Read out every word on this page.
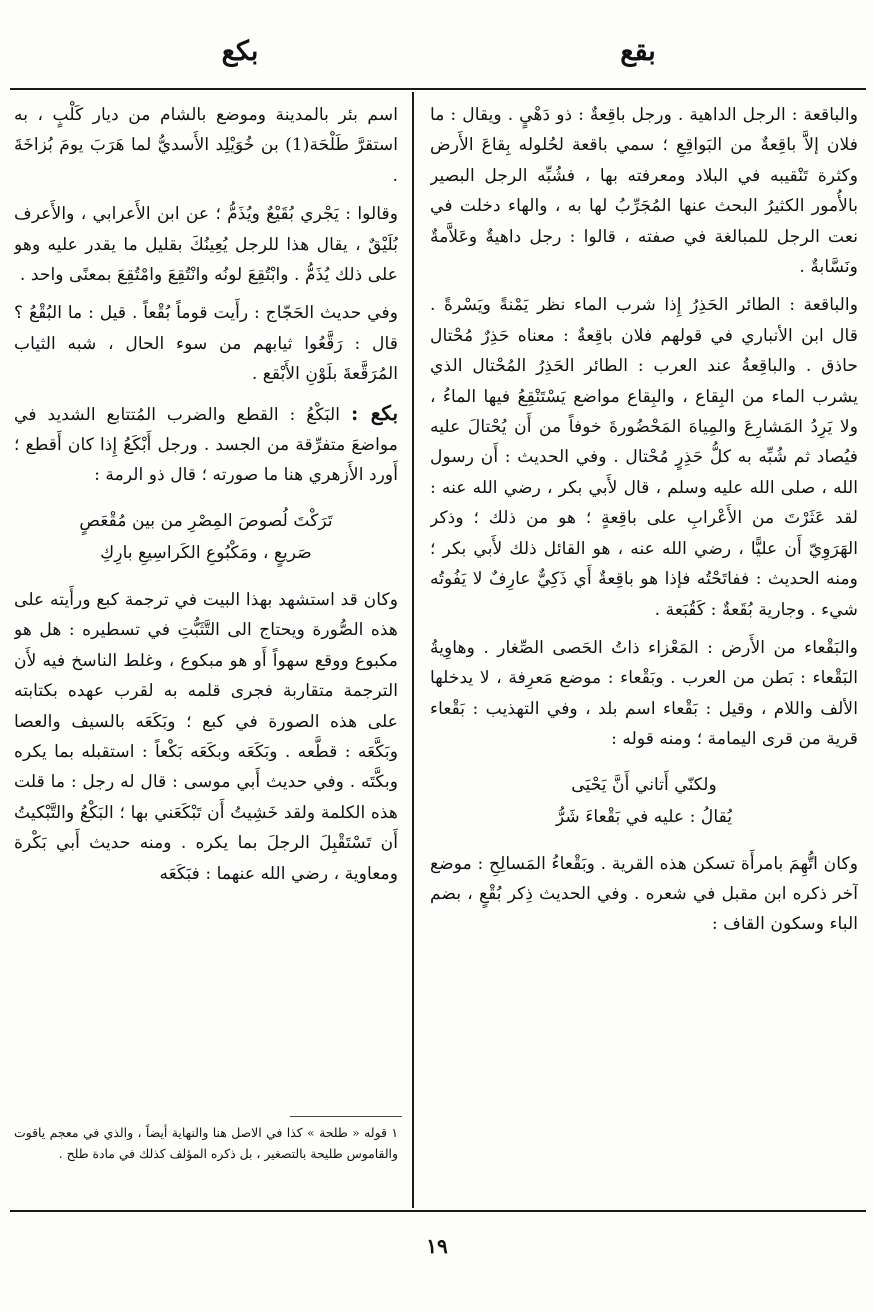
بقع
بكع

والباقعة : الرجل الداهية . ورجل باقِعةٌ : ذو دَهْيٍ . ويقال : ما فلان إلاَّ باقِعةٌ من البَواقِعِ ؛ سمي باقعة لحُلوله بِقاعَ الأَرض وكثرة تَنْقيبه في البلاد ومعرفته بها ، فشُبِّه الرجل البصير بالأُمور الكثيرُ البحث عنها المُجَرِّبُ لها به ، والهاء دخلت في نعت الرجل للمبالغة في صفته ، قالوا : رجل داهيةٌ وعَلاَّمةٌ ونَسَّابةٌ .

والباقعة : الطائر الحَذِرُ إِذا شرب الماء نظر يَمْنةً ويَسْرةً . قال ابن الأنباري في قولهم فلان باقِعةٌ : معناه حَذِرٌ مُحْتال حاذق . والباقِعةُ عند العرب : الطائر الحَذِرُ المُحْتال الذي يشرب الماء من البِقاع ، والبِقاع مواضع يَسْتَنْقِعُ فيها الماءُ ، ولا يَرِدُ المَشارِعَ والمِياهَ المَحْضُورةَ خوفاً من أَن يُحْتالَ عليه فيُصاد ثم شُبِّه به كلُّ حَذِرٍ مُحْتال . وفي الحديث : أَن رسول الله ، صلى الله عليه وسلم ، قال لأَبي بكر ، رضي الله عنه : لقد عَثَرْتَ من الأَعْرابِ على باقِعةٍ ؛ هو من ذلك ؛ وذكر الهَرَوِيّ أَن عليًّا ، رضي الله عنه ، هو القائل ذلك لأَبي بكر ؛ ومنه الحديث : ففاتَحْتُه فإذا هو باقِعةٌ أَي ذَكِيٌّ عارِفٌ لا يَفُوتُه شيء . وجارية بُقَعةٌ : كَقُبَعة .

والبَقْعاء من الأَرض : المَعْزاء ذاتُ الحَصى الصِّغار . وهاوِيةُ البَقْعاء : بَطن من العرب . وبَقْعاء : موضع مَعرِفة ، لا يدخلها الألف واللام ، وقيل : بَقْعاء اسم بلد ، وفي التهذيب : بَقْعاء قرية من قرى اليمامة ؛ ومنه قوله :

ولكنّي أَتاني أَنَّ يَحْيَى
يُقالُ : عليه في بَقْعاءَ شَرُّ

وكان اتُّهِمَ بامرأَة تسكن هذه القرية . وبَقْعاءُ المَسالِحِ : موضع آخر ذكره ابن مقبل في شعره . وفي الحديث ذِكر بُقْعٍ ، بضم الباء وسكون القاف :

اسم بئر بالمدينة وموضع بالشام من ديار كَلْبٍ ، به استقرَّ طَلْحَة(1) بن خُوَيْلِد الأَسديُّ لما هَرَبَ يومَ بُزاخَةَ .

وقالوا : يَجْري بُقَيْعٌ ويُذَمُّ ؛ عن ابن الأَعرابي ، والأَعرف بُلَيْقٌ ، يقال هذا للرجل يُعِينُكَ بقليل ما يقدر عليه وهو على ذلك يُذَمُّ . وابْتُقِعَ لونُه وانْتُقِعَ وامْتُقِعَ بمعنًى واحد .

وفي حديث الحَجّاج : رأَيت قوماً بُقْعاً . قيل : ما البُقْعُ ؟ قال : رَقَّعُوا ثيابهم من سوء الحال ، شبه الثياب المُرَقَّعةَ بلَوْنِ الأَبْقع .

بكع : البَكْعُ : القطع والضرب المُتتابع الشديد في مواضعَ متفرِّقة من الجسد . ورجل أَبْكَعُ إِذا كان أَقطع ؛ أَورد الأَزهري هنا ما صورته ؛ قال ذو الرمة :

تَرَكْتَ لُصوصَ المِصْرِ من بين مُقْعَصٍ
صَريعٍ ، ومَكْبُوعِ الكَراسِيعِ بارِكِ

وكان قد استشهد بهذا البيت في ترجمة كبع ورأَيته على هذه الصُّورة ويحتاج الى التَّثَبُّتِ في تسطيره : هل هو مكبوع ووقع سهواً أَو هو مبكوع ، وغلط الناسخ فيه لأَن الترجمة متقاربة فجرى قلمه به لقرب عهده بكتابته على هذه الصورة في كبع ؛ وبَكَعَه بالسيف والعصا وبَكَّعَه : قطَّعه . وبَكَعَه وبكَعَه بَكْعاً : استقبله بما يكره وبكَّتَه . وفي حديث أَبي موسى : قال له رجل : ما قلت هذه الكلمة ولقد خَشِيتُ أَن تَبْكَعَني بها ؛ البَكْعُ والتَّبْكيتُ أَن تَسْتَقْبِلَ الرجلَ بما يكره . ومنه حديث أَبي بَكْرة ومعاوية ، رضي الله عنهما : فبَكَعَه

١ قوله « طلحة » كذا في الاصل هنا والنهاية أيضاً ، والذي في معجم ياقوت والقاموس طليحة بالتصغير ، بل ذكره المؤلف كذلك في مادة طلح .

١٩
